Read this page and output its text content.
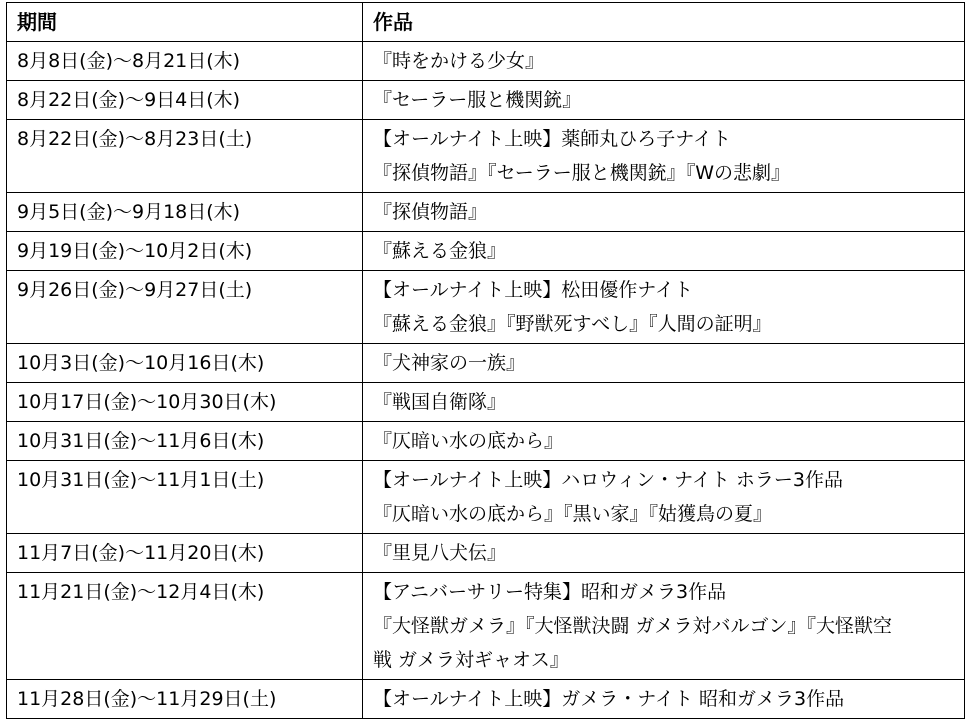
期間	作品
8月8日(金)～8月21日(木)	『時をかける少女』

8月22日(金)～9日4日(木)	『セーラー服と機関銃』

8月22日(金)～8月23日(土)	【オールナイト上映】薬師丸ひろ子ナイト
『探偵物語』『セーラー服と機関銃』『Wの悲劇』

9月5日(金)～9月18日(木)	『探偵物語』

9月19日(金)～10月2日(木)	『蘇える金狼』

9月26日(金)～9月27日(土)	【オールナイト上映】松田優作ナイト
『蘇える金狼』『野獣死すべし』『人間の証明』

10月3日(金)～10月16日(木)	『犬神家の一族』

10月17日(金)～10月30日(木)	『戦国自衛隊』

10月31日(金)～11月6日(木)	『仄暗い水の底から』

10月31日(金)～11月1日(土)	【オールナイト上映】ハロウィン・ナイト ホラー3作品
『仄暗い水の底から』『黒い家』『姑獲鳥の夏』

11月7日(金)～11月20日(木)	『里見八犬伝』

11月21日(金)～12月4日(木)	【アニバーサリー特集】昭和ガメラ3作品
『大怪獣ガメラ』『大怪獣決闘 ガメラ対バルゴン』『大怪獣空
戦 ガメラ対ギャオス』

11月28日(金)～11月29日(土)	【オールナイト上映】ガメラ・ナイト 昭和ガメラ3作品
